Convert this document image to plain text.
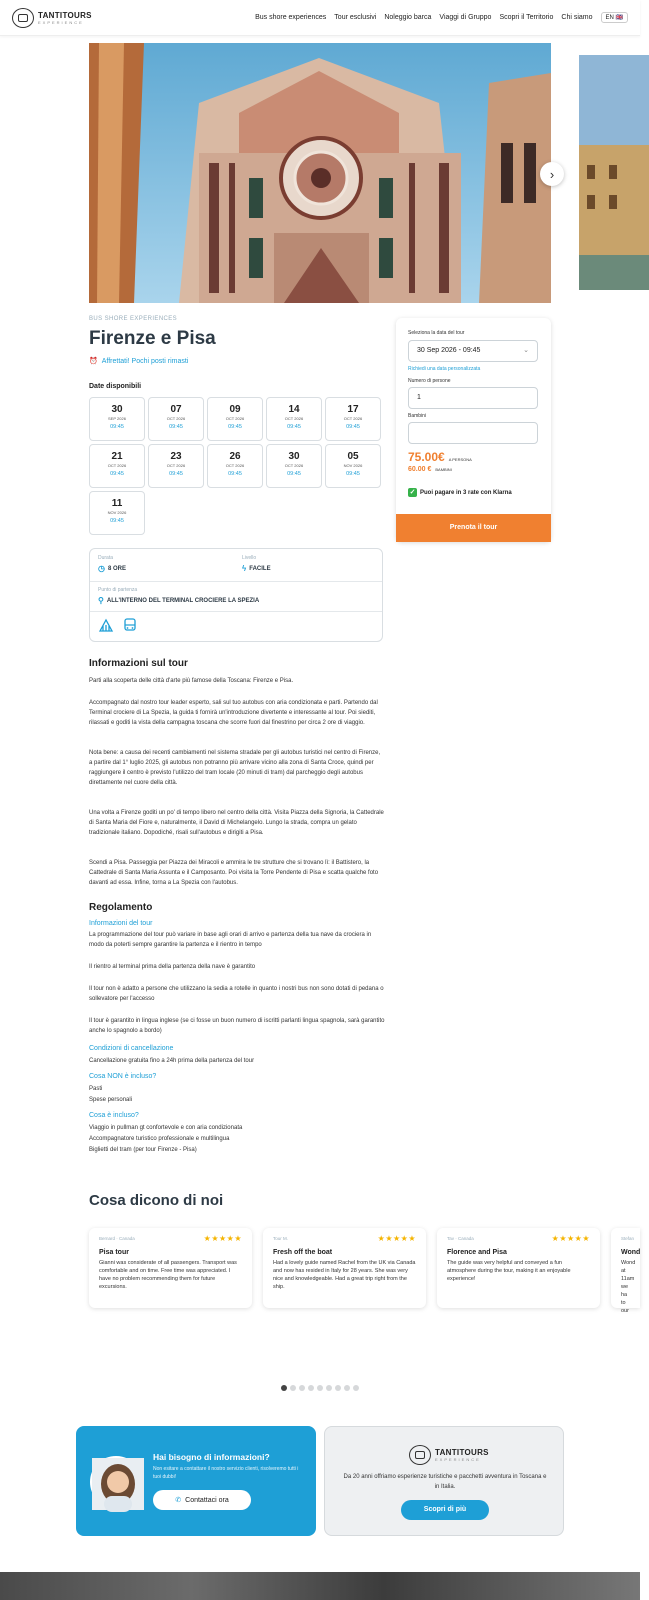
TANTITOURS
EXPERIENCE
Bus shore experiences Tour esclusivi Noleggio barca Viaggi di Gruppo Scopri il Territorio Chi siamo	EN 🇬🇧
›
BUS SHORE EXPERIENCES
Firenze e Pisa
⏰ Affrettati! Pochi posti rimasti
Date disponibili
30
SEP 2026
09:45
07
OCT 2026
09:45
09
OCT 2026
09:45
14
OCT 2026
09:45
17
OCT 2026
09:45
21
OCT 2026
09:45
23
OCT 2026
09:45
26
OCT 2026
09:45
30
OCT 2026
09:45
05
NOV 2026
09:45
11
NOV 2026
09:45
Durata
◷ 8 ORE
Livello
ϟ FACILE
Punto di partenza
⚲ ALL'INTERNO DEL TERMINAL CROCIERE LA SPEZIA
Seleziona la data del tour
30 Sep 2026 - 09:45	⌄
Richiedi una data personalizzata
Numero di persone
1
Bambini
75.00€ A PERSONA
60.00 € BAMBINI
✓ Puoi pagare in 3 rate con Klarna
Prenota il tour
Informazioni sul tour
Parti alla scoperta delle città d'arte più famose della Toscana: Firenze e Pisa.
Accompagnato dal nostro tour leader esperto, sali sul tuo autobus con aria condizionata e parti. Partendo dal Terminal crociere di La Spezia, la guida ti fornirà un'introduzione divertente e interessante al tour. Poi siediti, rilassati e goditi la vista della campagna toscana che scorre fuori dal finestrino per circa 2 ore di viaggio.
Nota bene: a causa dei recenti cambiamenti nel sistema stradale per gli autobus turistici nel centro di Firenze, a partire dal 1° luglio 2025, gli autobus non potranno più arrivare vicino alla zona di Santa Croce, quindi per raggiungere il centro è previsto l'utilizzo del tram locale (20 minuti di tram) dal parcheggio degli autobus direttamente nel cuore della città.
Una volta a Firenze goditi un po' di tempo libero nel centro della città. Visita Piazza della Signoria, la Cattedrale di Santa Maria del Fiore e, naturalmente, il David di Michelangelo. Lungo la strada, compra un gelato tradizionale italiano. Dopodiché, risali sull'autobus e dirigiti a Pisa.
Scendi a Pisa. Passeggia per Piazza dei Miracoli e ammira le tre strutture che si trovano lì: il Battistero, la Cattedrale di Santa Maria Assunta e il Camposanto. Poi visita la Torre Pendente di Pisa e scatta qualche foto davanti ad essa. Infine, torna a La Spezia con l'autobus.
Regolamento
Informazioni del tour
La programmazione del tour può variare in base agli orari di arrivo e partenza della tua nave da crociera in modo da poterti sempre garantire la partenza e il rientro in tempo
Il rientro al terminal prima della partenza della nave è garantito
Il tour non è adatto a persone che utilizzano la sedia a rotelle in quanto i nostri bus non sono dotati di pedana o sollevatore per l'accesso
Il tour è garantito in lingua inglese (se ci fosse un buon numero di iscritti parlanti lingua spagnola, sarà garantito anche lo spagnolo a bordo)
Condizioni di cancellazione
Cancellazione gratuita fino a 24h prima della partenza del tour
Cosa NON è incluso?
Pasti
Spese personali
Cosa è incluso?
Viaggio in pullman gt confortevole e con aria condizionata
Accompagnatore turistico professionale e multilingua
Biglietti del tram (per tour Firenze - Pisa)
Cosa dicono di noi
Bernard · Canada	★★★★★
Pisa tour
Gianni was considerate of all passengers. Transport was comfortable and on time. Free time was appreciated. I have no problem recommending them for future excursions.
Tour M.	★★★★★
Fresh off the boat
Had a lovely guide named Rachel from the UK via Canada and now has resided in Italy for 28 years. She was very nice and knowledgeable. Had a great trip right from the ship.
Tav · Canada	★★★★★
Florence and Pisa
The guide was very helpful and conveyed a fun atmosphere during the tour, making it an enjoyable experience!
Stefan
Wond
Wond at 11am we ha to our
Hai bisogno di informazioni?
Non esitare a contattare il nostro servizio clienti, risolveremo tutti i tuoi dubbi!
✆ Contattaci ora
TANTITOURS
EXPERIENCE
Da 20 anni offriamo esperienze turistiche e pacchetti avventura in Toscana e in Italia.
Scopri di più
